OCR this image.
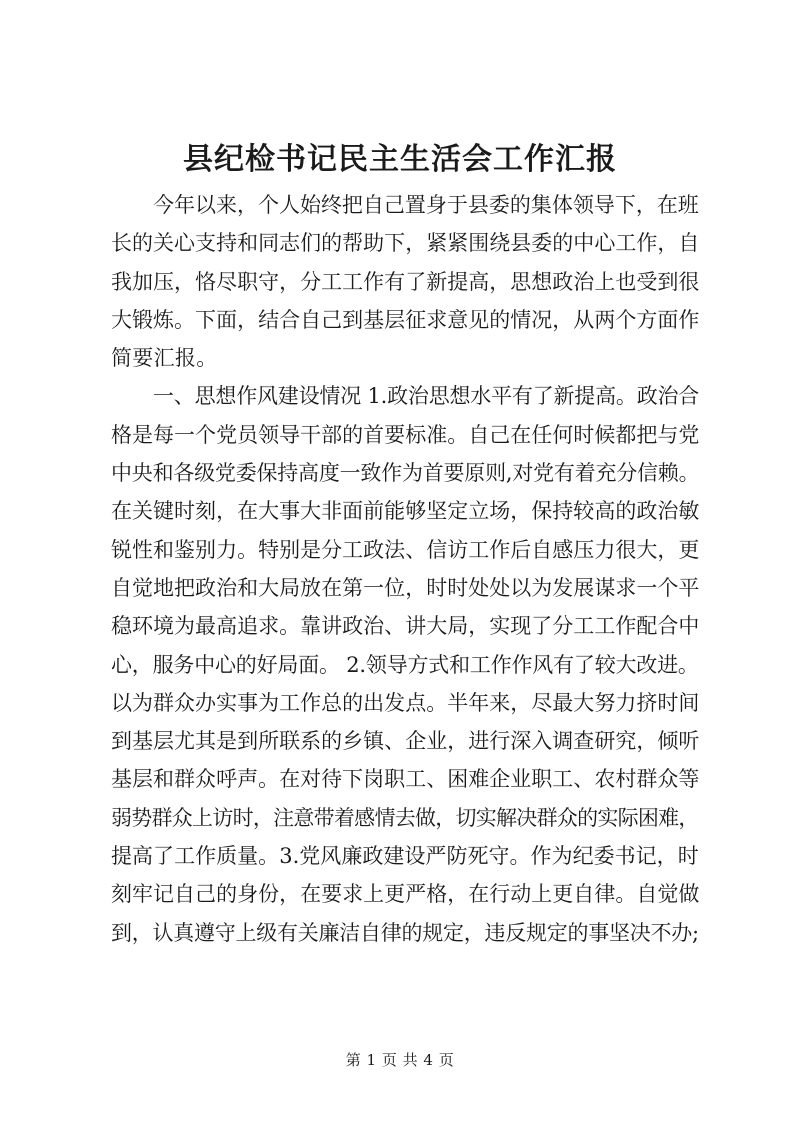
县纪检书记民主生活会工作汇报

今年以来，个人始终把自己置身于县委的集体领导下，在班
长的关心支持和同志们的帮助下，紧紧围绕县委的中心工作，自
我加压，恪尽职守，分工工作有了新提高，思想政治上也受到很
大锻炼。下面，结合自己到基层征求意见的情况，从两个方面作
简要汇报。

一、思想作风建设情况 1.政治思想水平有了新提高。政治合
格是每一个党员领导干部的首要标准。自己在任何时候都把与党
中央和各级党委保持高度一致作为首要原则,对党有着充分信赖。
在关键时刻，在大事大非面前能够坚定立场，保持较高的政治敏
锐性和鉴别力。特别是分工政法、信访工作后自感压力很大，更
自觉地把政治和大局放在第一位，时时处处以为发展谋求一个平
稳环境为最高追求。靠讲政治、讲大局，实现了分工工作配合中
心，服务中心的好局面。 2.领导方式和工作作风有了较大改进。
以为群众办实事为工作总的出发点。半年来，尽最大努力挤时间
到基层尤其是到所联系的乡镇、企业，进行深入调查研究，倾听
基层和群众呼声。在对待下岗职工、困难企业职工、农村群众等
弱势群众上访时，注意带着感情去做，切实解决群众的实际困难，
提高了工作质量。3.党风廉政建设严防死守。作为纪委书记，时
刻牢记自己的身份，在要求上更严格，在行动上更自律。自觉做
到，认真遵守上级有关廉洁自律的规定，违反规定的事坚决不办;

第 1 页 共 4 页
